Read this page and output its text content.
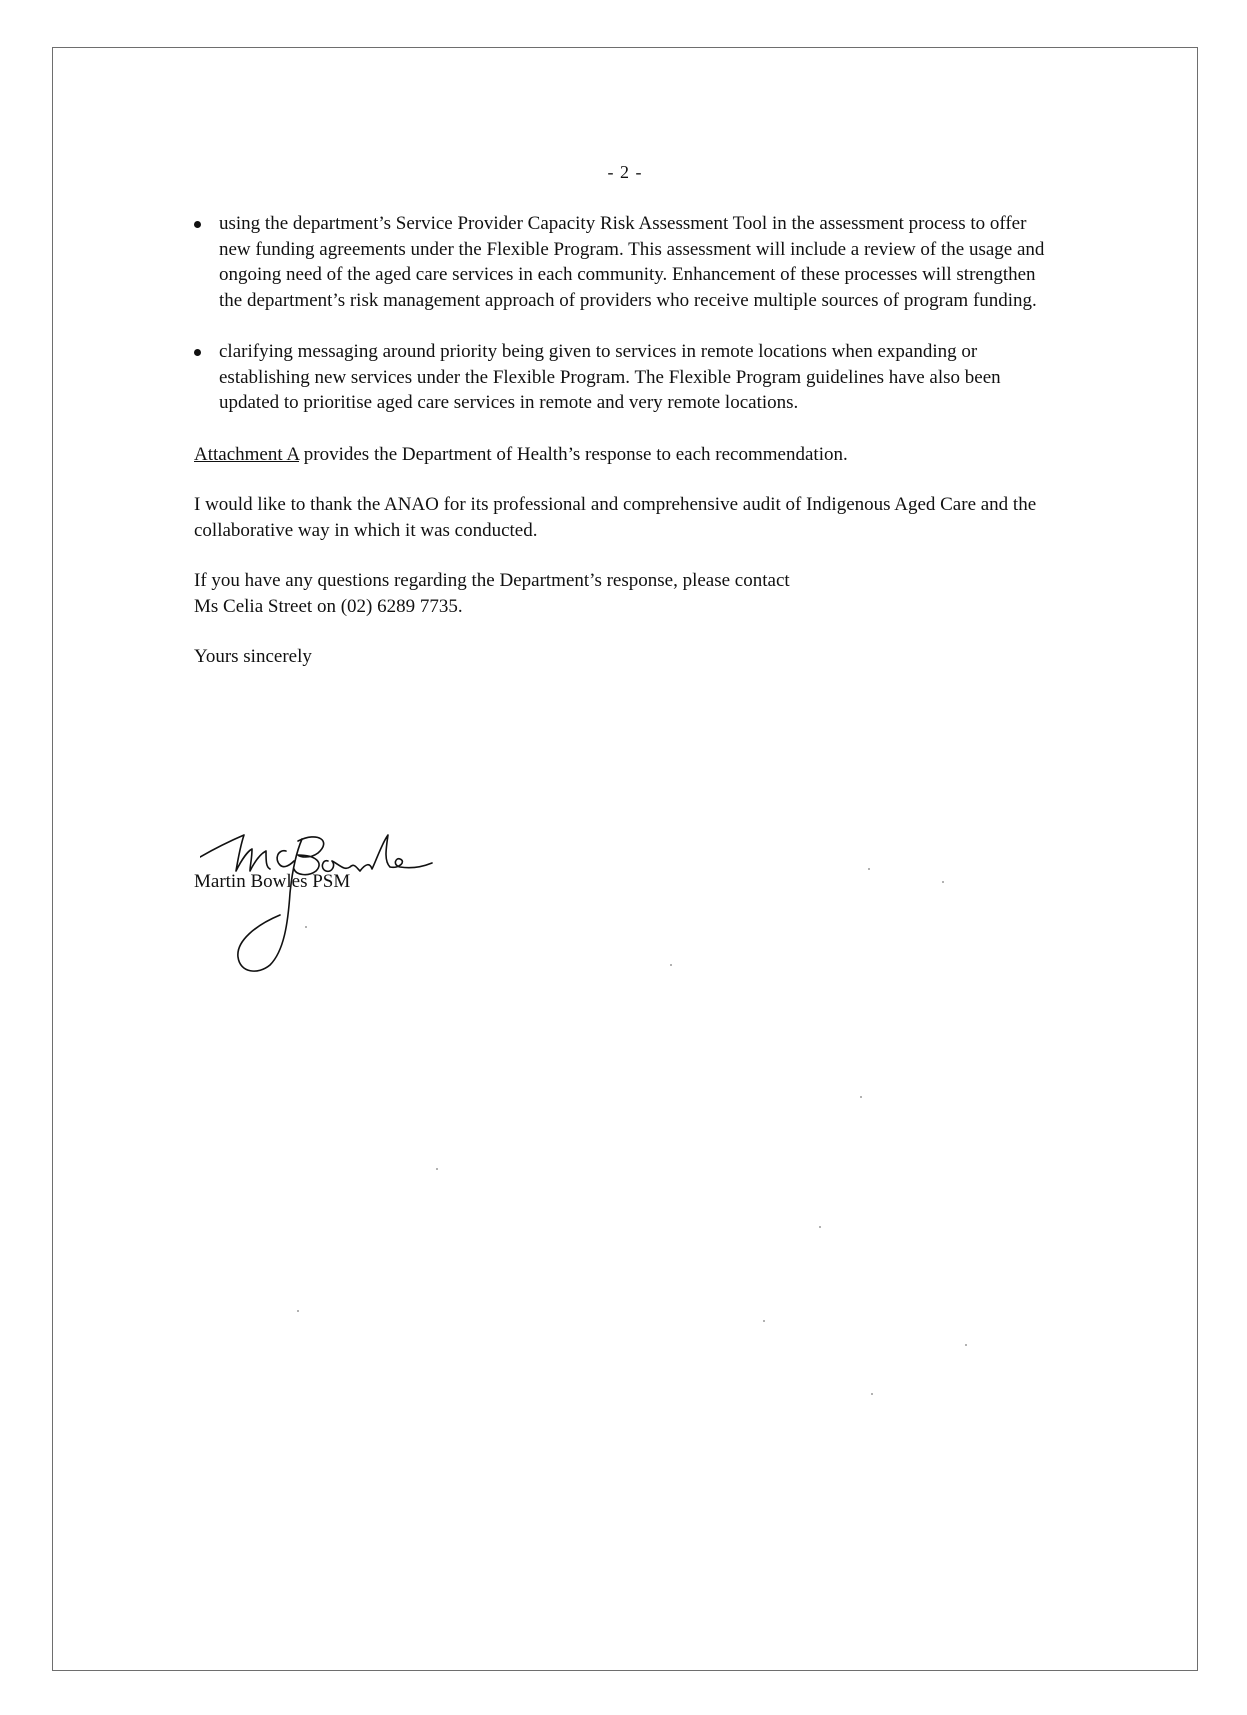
- 2 -
using the department’s Service Provider Capacity Risk Assessment Tool in the assessment process to offer new funding agreements under the Flexible Program. This assessment will include a review of the usage and ongoing need of the aged care services in each community. Enhancement of these processes will strengthen the department’s risk management approach of providers who receive multiple sources of program funding.
clarifying messaging around priority being given to services in remote locations when expanding or establishing new services under the Flexible Program. The Flexible Program guidelines have also been updated to prioritise aged care services in remote and very remote locations.

Attachment A provides the Department of Health’s response to each recommendation.

I would like to thank the ANAO for its professional and comprehensive audit of Indigenous Aged Care and the collaborative way in which it was conducted.

If you have any questions regarding the Department’s response, please contact
Ms Celia Street on (02) 6289 7735.

Yours sincerely

Martin Bowles PSM
